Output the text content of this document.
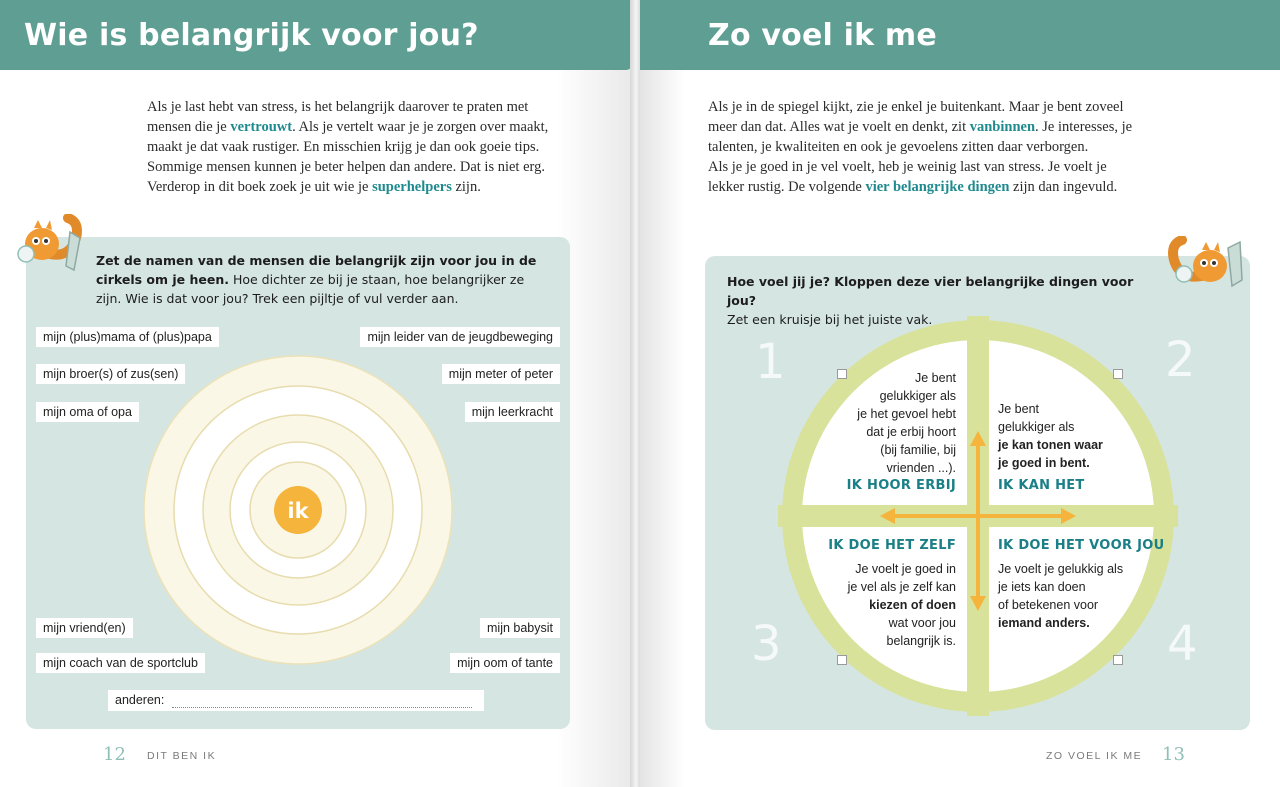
Wie is belangrijk voor jou?

Als je last hebt van stress, is het belangrijk daarover te praten met mensen die je vertrouwt. Als je vertelt waar je je zorgen over maakt, maakt je dat vaak rustiger. En misschien krijg je dan ook goeie tips.

Sommige mensen kunnen je beter helpen dan andere. Dat is niet erg. Verderop in dit boek zoek je uit wie je superhelpers zijn.

Zet de namen van de mensen die belangrijk zijn voor jou in de cirkels om je heen. Hoe dichter ze bij je staan, hoe belangrijker ze zijn. Wie is dat voor jou? Trek een pijltje of vul verder aan.
ik
mijn (plus)mama of (plus)papa
mijn broer(s) of zus(sen)
mijn oma of opa
mijn leider van de jeugdbeweging
mijn meter of peter
mijn leerkracht
mijn vriend(en)
mijn coach van de sportclub
mijn babysit
mijn oom of tante
anderen:
12 DIT BEN IK
Zo voel ik me

Als je in de spiegel kijkt, zie je enkel je buitenkant. Maar je bent zoveel meer dan dat. Alles wat je voelt en denkt, zit vanbinnen. Je interesses, je talenten, je kwaliteiten en ook je gevoelens zitten daar verborgen.

Als je je goed in je vel voelt, heb je weinig last van stress. Je voelt je lekker rustig. De volgende vier belangrijke dingen zijn dan ingevuld.

Hoe voel jij je? Kloppen deze vier belangrijke dingen voor jou?
Zet een kruisje bij het juiste vak.
1	2
3	4
Je bent
gelukkiger als
je het gevoel hebt
dat je erbij hoort
(bij familie, bij
vrienden ...).
IK HOOR ERBIJ
Je bent
gelukkiger als
je kan tonen waar
je goed in bent.
IK KAN HET
IK DOE HET ZELF
Je voelt je goed in
je vel als je zelf kan
kiezen of doen
wat voor jou
belangrijk is.
IK DOE HET VOOR JOU
Je voelt je gelukkig als
je iets kan doen
of betekenen voor
iemand anders.
ZO VOEL IK ME 13
